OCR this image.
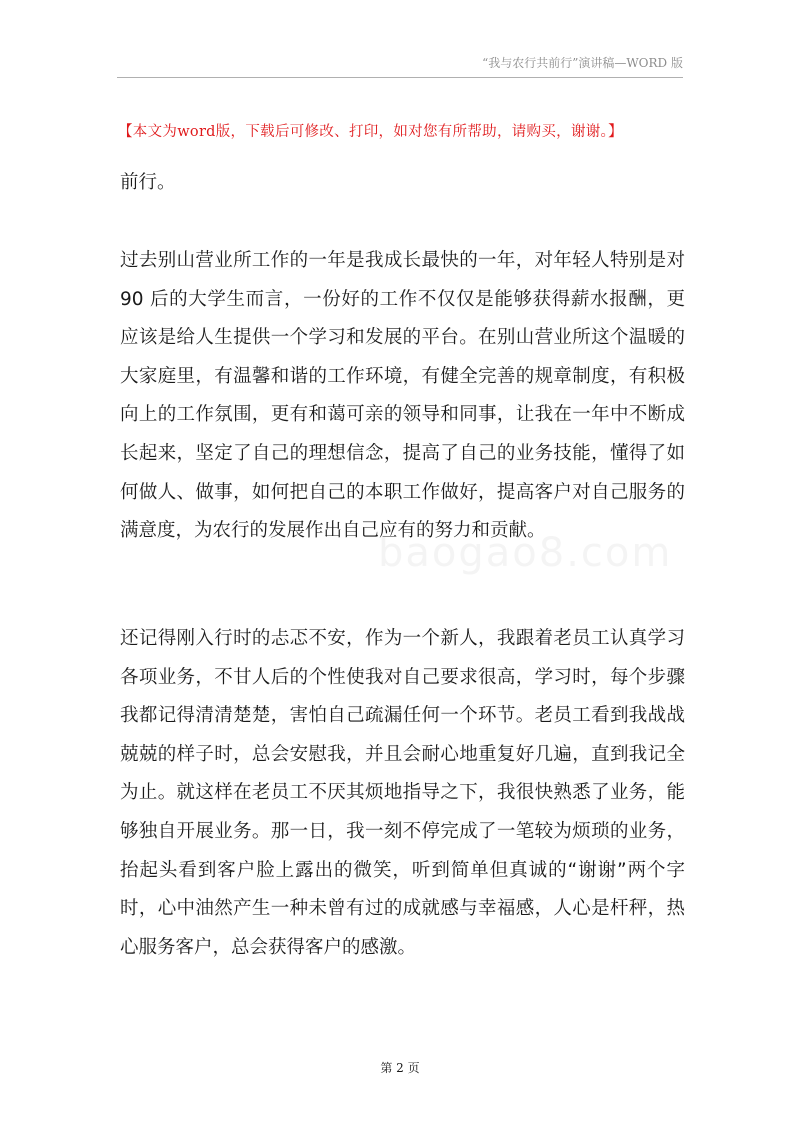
“我与农行共前行”演讲稿—WORD 版
【本文为word版，下载后可修改、打印，如对您有所帮助，请购买，谢谢。】

前行。

过去别山营业所工作的一年是我成长最快的一年，对年轻人特别是对 90 后的大学生而言，一份好的工作不仅仅是能够获得薪水报酬，更应该是给人生提供一个学习和发展的平台。在别山营业所这个温暖的大家庭里，有温馨和谐的工作环境，有健全完善的规章制度，有积极向上的工作氛围，更有和蔼可亲的领导和同事，让我在一年中不断成长起来，坚定了自己的理想信念，提高了自己的业务技能，懂得了如何做人、做事，如何把自己的本职工作做好，提高客户对自己服务的满意度，为农行的发展作出自己应有的努力和贡献。

还记得刚入行时的忐忑不安，作为一个新人，我跟着老员工认真学习各项业务，不甘人后的个性使我对自己要求很高，学习时，每个步骤我都记得清清楚楚，害怕自己疏漏任何一个环节。老员工看到我战战兢兢的样子时，总会安慰我，并且会耐心地重复好几遍，直到我记全为止。就这样在老员工不厌其烦地指导之下，我很快熟悉了业务，能够独自开展业务。那一日，我一刻不停完成了一笔较为烦琐的业务，抬起头看到客户脸上露出的微笑，听到简单但真诚的“谢谢”两个字时，心中油然产生一种未曾有过的成就感与幸福感，人心是杆秤，热心服务客户，总会获得客户的感激。

baogao8.com
第 2 页
